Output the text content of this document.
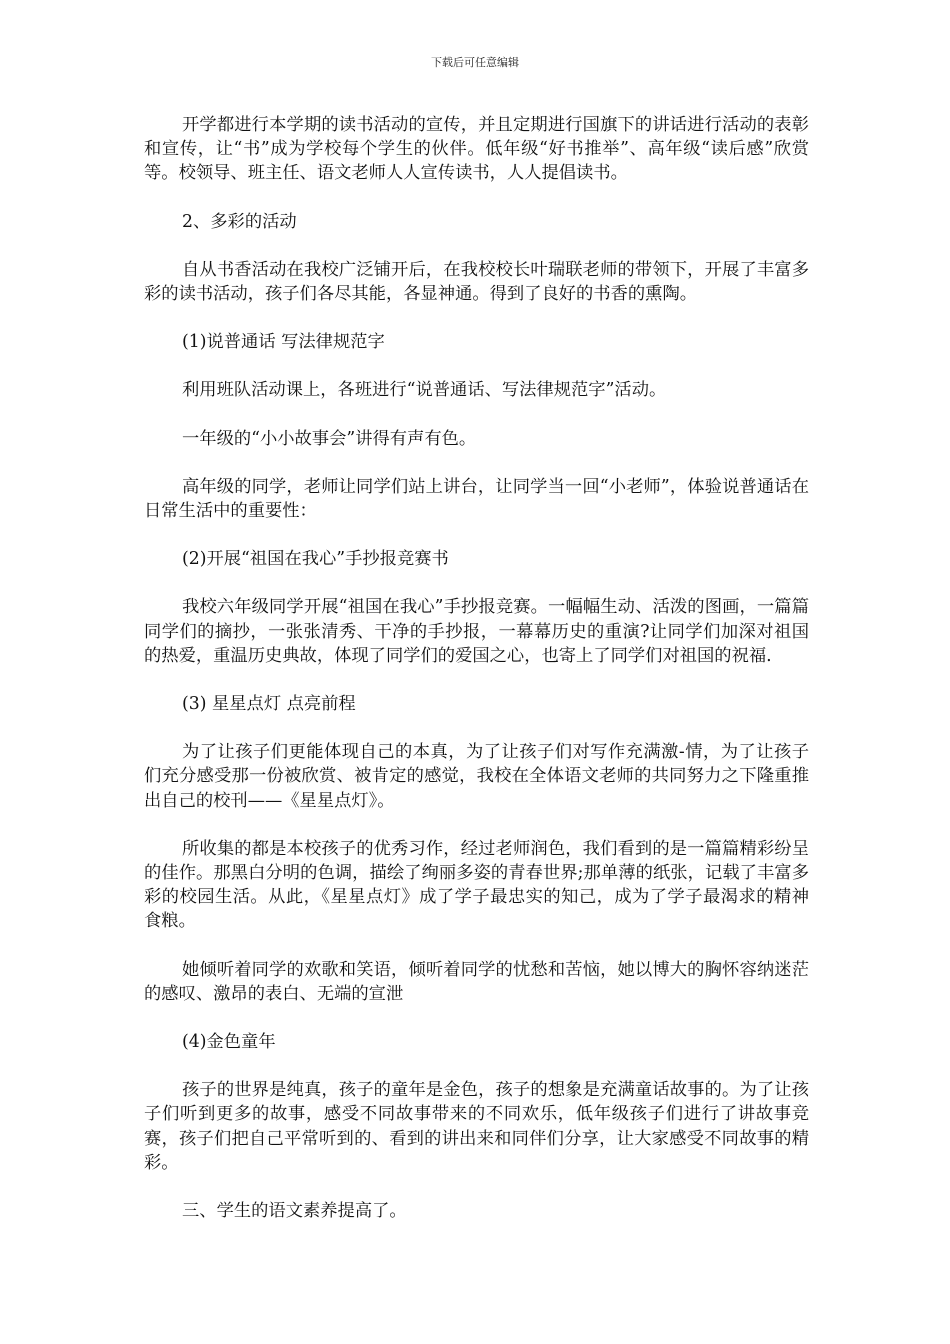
下载后可任意编辑

开学都进行本学期的读书活动的宣传，并且定期进行国旗下的讲话进行活动的表彰和宣传，让“书”成为学校每个学生的伙伴。低年级“好书推举”、高年级“读后感”欣赏等。校领导、班主任、语文老师人人宣传读书，人人提倡读书。

2、多彩的活动

自从书香活动在我校广泛铺开后，在我校校长叶瑞联老师的带领下，开展了丰富多彩的读书活动，孩子们各尽其能，各显神通。得到了良好的书香的熏陶。

(1)说普通话 写法律规范字

利用班队活动课上，各班进行“说普通话、写法律规范字”活动。

一年级的“小小故事会”讲得有声有色。

高年级的同学，老师让同学们站上讲台，让同学当一回“小老师”，体验说普通话在日常生活中的重要性：

(2)开展“祖国在我心”手抄报竞赛书

我校六年级同学开展“祖国在我心”手抄报竞赛。一幅幅生动、活泼的图画，一篇篇同学们的摘抄，一张张清秀、干净的手抄报，一幕幕历史的重演?让同学们加深对祖国的热爱，重温历史典故，体现了同学们的爱国之心，也寄上了同学们对祖国的祝福.

(3) 星星点灯 点亮前程

为了让孩子们更能体现自己的本真，为了让孩子们对写作充满激-情，为了让孩子们充分感受那一份被欣赏、被肯定的感觉，我校在全体语文老师的共同努力之下隆重推出自己的校刊——《星星点灯》。

所收集的都是本校孩子的优秀习作，经过老师润色，我们看到的是一篇篇精彩纷呈的佳作。那黑白分明的色调，描绘了绚丽多姿的青春世界;那单薄的纸张，记载了丰富多彩的校园生活。从此，《星星点灯》成了学子最忠实的知己，成为了学子最渴求的精神食粮。

她倾听着同学的欢歌和笑语，倾听着同学的忧愁和苦恼，她以博大的胸怀容纳迷茫的感叹、激昂的表白、无端的宣泄

(4)金色童年

孩子的世界是纯真，孩子的童年是金色，孩子的想象是充满童话故事的。为了让孩子们听到更多的故事，感受不同故事带来的不同欢乐，低年级孩子们进行了讲故事竞赛，孩子们把自己平常听到的、看到的讲出来和同伴们分享，让大家感受不同故事的精彩。

三、学生的语文素养提高了。
